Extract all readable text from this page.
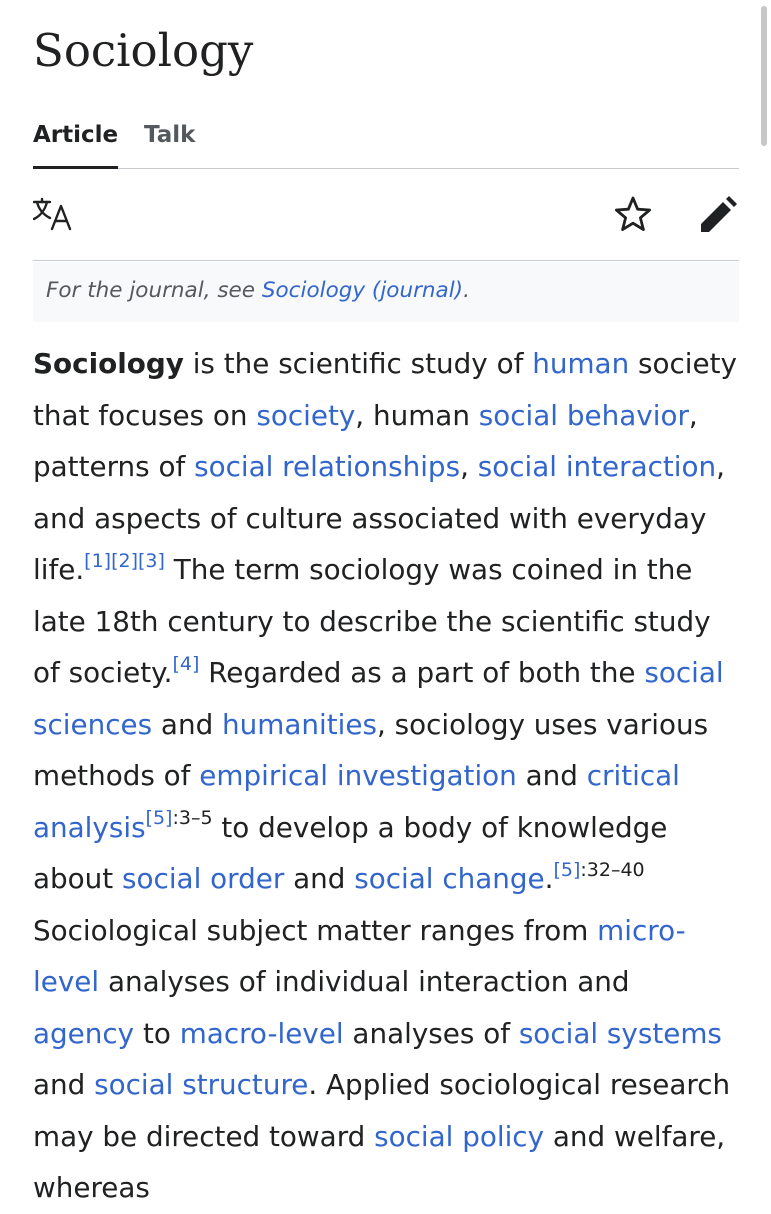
Sociology
Article Talk
For the journal, see Sociology (journal).

Sociology is the scientific study of human society that focuses on society, human social behavior, patterns of social relationships, social interaction, and aspects of culture associated with everyday life.[1][2][3] The term sociology was coined in the late 18th century to describe the scientific study of society.[4] Regarded as a part of both the social sciences and humanities, sociology uses various methods of empirical investigation and critical analysis$^{[5]:3-5}$ to develop a body of knowledge about social order and social change.$^{[5]:32-40}$ Sociological subject matter ranges from micro-level analyses of individual interaction and agency to macro-level analyses of social systems and social structure. Applied sociological research may be directed toward social policy and welfare, whereas
